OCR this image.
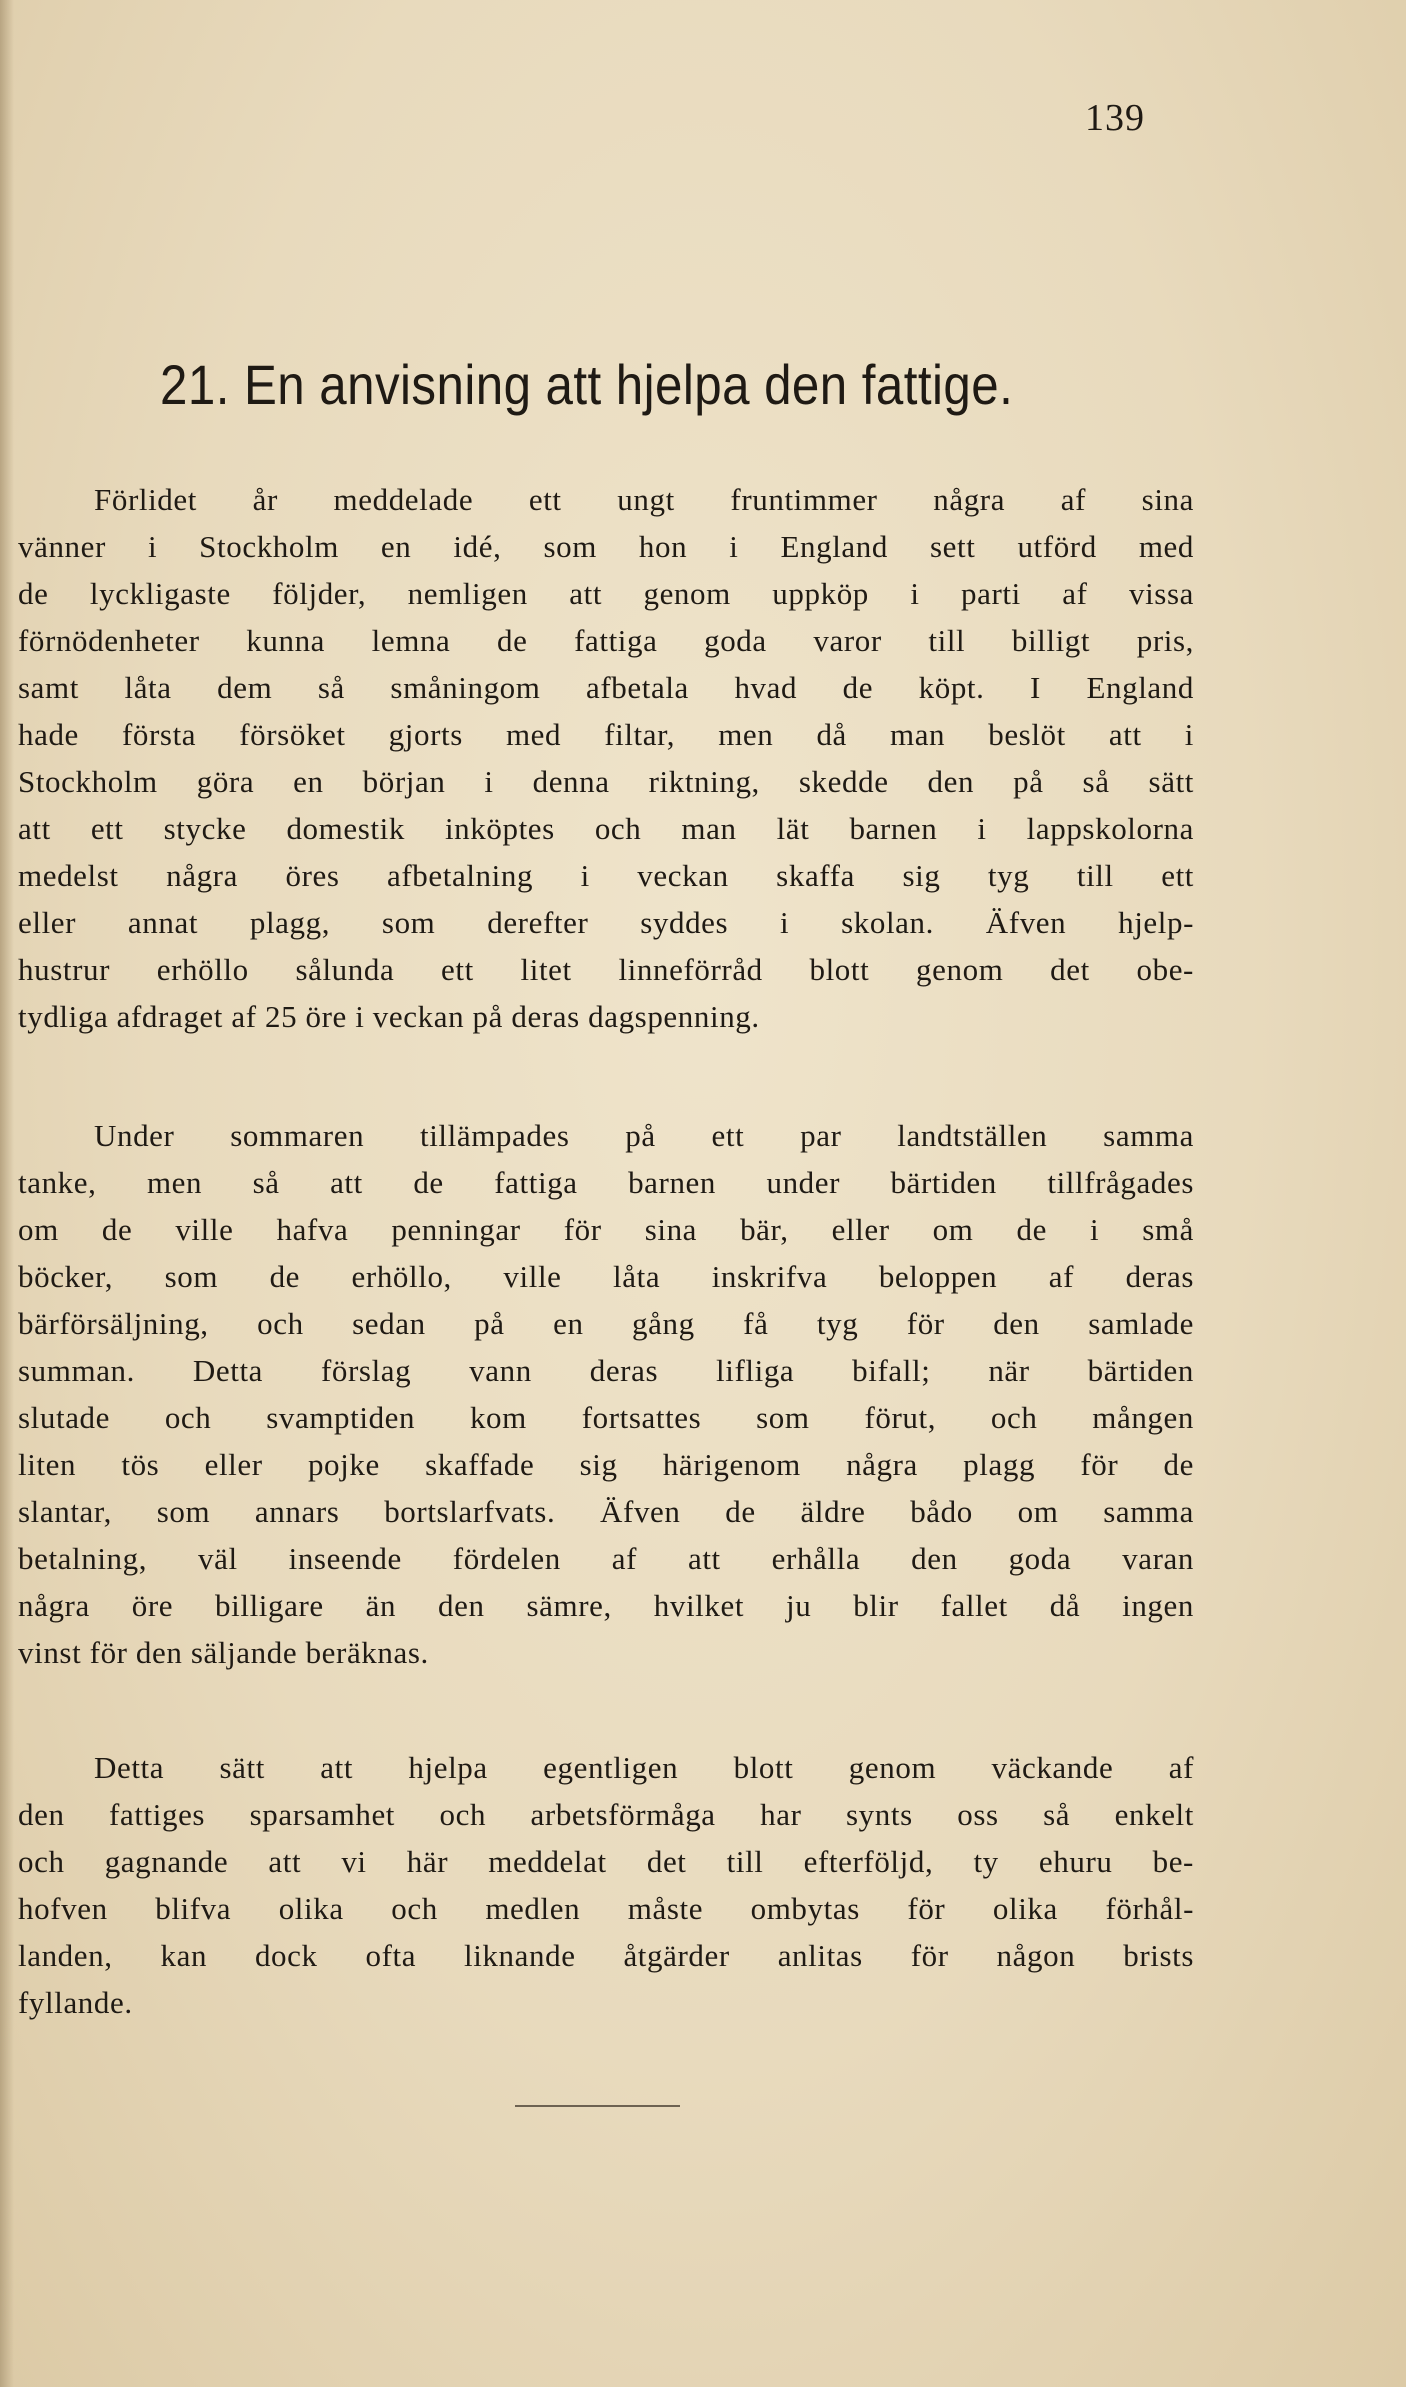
139
21. En anvisning att hjelpa den fattige.
Förlidet år meddelade ett ungt fruntimmer några af sina
vänner i Stockholm en idé, som hon i England sett utförd med
de lyckligaste följder, nemligen att genom uppköp i parti af vissa
förnödenheter kunna lemna de fattiga goda varor till billigt pris,
samt låta dem så småningom afbetala hvad de köpt. I England
hade första försöket gjorts med filtar, men då man beslöt att i
Stockholm göra en början i denna riktning, skedde den på så sätt
att ett stycke domestik inköptes och man lät barnen i lappskolorna
medelst några öres afbetalning i veckan skaffa sig tyg till ett
eller annat plagg, som derefter syddes i skolan. Äfven hjelp-
hustrur erhöllo sålunda ett litet linneförråd blott genom det obe-
tydliga afdraget af 25 öre i veckan på deras dagspenning.
Under sommaren tillämpades på ett par landtställen samma
tanke, men så att de fattiga barnen under bärtiden tillfrågades
om de ville hafva penningar för sina bär, eller om de i små
böcker, som de erhöllo, ville låta inskrifva beloppen af deras
bärförsäljning, och sedan på en gång få tyg för den samlade
summan. Detta förslag vann deras lifliga bifall; när bärtiden
slutade och svamptiden kom fortsattes som förut, och mången
liten tös eller pojke skaffade sig härigenom några plagg för de
slantar, som annars bortslarfvats. Äfven de äldre bådo om samma
betalning, väl inseende fördelen af att erhålla den goda varan
några öre billigare än den sämre, hvilket ju blir fallet då ingen
vinst för den säljande beräknas.
Detta sätt att hjelpa egentligen blott genom väckande af
den fattiges sparsamhet och arbetsförmåga har synts oss så enkelt
och gagnande att vi här meddelat det till efterföljd, ty ehuru be-
hofven blifva olika och medlen måste ombytas för olika förhål-
landen, kan dock ofta liknande åtgärder anlitas för någon brists
fyllande.
